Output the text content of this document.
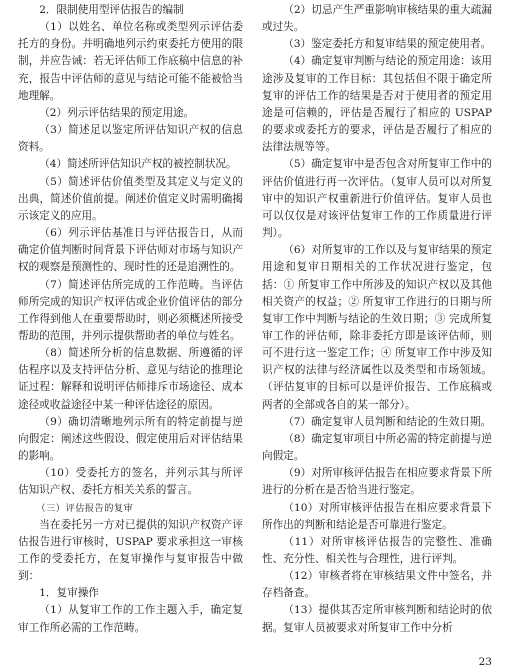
2．限制使用型评估报告的编制

（1）以姓名、单位名称或类型列示评估委托方的身份。并明确地列示约束委托方使用的限制，并应告诫：若无评估师工作底稿中信息的补充，报告中评估师的意见与结论可能不能被恰当地理解。

（2）列示评估结果的预定用途。

（3）简述足以鉴定所评估知识产权的信息资料。

（4）简述所评估知识产权的被控制状况。

（5）简述评估价值类型及其定义与定义的出典，简述价值前提。阐述价值定义时需明确揭示该定义的应用。

（6）列示评估基准日与评估报告日，从而确定价值判断时间背景下评估师对市场与知识产权的观察是预测性的、现时性的还是追溯性的。

（7）简述评估所完成的工作范畴。当评估师所完成的知识产权评估或企业价值评估的部分工作得到他人在重要帮助时，则必须概述所接受帮助的范围，并列示提供帮助者的单位与姓名。

（8）简述所分析的信息数据、所遵循的评估程序以及支持评估分析、意见与结论的推理论证过程：解释和说明评估师排斥市场途径、成本途径或收益途径中某一种评估途径的原因。

（9）确切清晰地列示所有的特定前提与逆向假定：阐述这些假设、假定使用后对评估结果的影响。

（10）受委托方的签名，并列示其与所评估知识产权、委托方相关关系的誓言。

（三）评估报告的复审

当在委托另一方对已提供的知识产权资产评估报告进行审核时，USPAP 要求承担这一审核工作的受委托方，在复审操作与复审报告中做到：

1．复审操作

（1）从复审工作的工作主题入手，确定复审工作所必需的工作范畴。

（2）切忌产生严重影响审核结果的重大疏漏或过失。

（3）鉴定委托方和复审结果的预定使用者。

（4）确定复审判断与结论的预定用途：该用途涉及复审的工作目标：其包括但不限于确定所复审的评估工作的结果是否对于使用者的预定用途是可信赖的，评估是否履行了相应的 USPAP 的要求或委托方的要求，评估是否履行了相应的法律法规等等。

（5）确定复审中是否包含对所复审工作中的评估价值进行再一次评估。（复审人员可以对所复审中的知识产权重新进行价值评估。复审人员也可以仅仅是对该评估复审工作的工作质量进行评判）。

（6）对所复审的工作以及与复审结果的预定用途和复审日期相关的工作状况进行鉴定，包括：① 所复审工作中所涉及的知识产权以及其他相关资产的权益；② 所复审工作进行的日期与所复审工作中判断与结论的生效日期；③ 完成所复审工作的评估师，除非委托方即是该评估师，则可不进行这一鉴定工作；④ 所复审工作中涉及知识产权的法律与经济属性以及类型和市场领域。（评估复审的目标可以是评价报告、工作底稿或两者的全部或各自的某一部分）。

（7）确定复审人员判断和结论的生效日期。

（8）确定复审项目中所必需的特定前提与逆向假定。

（9）对所审核评估报告在相应要求背景下所进行的分析在是否恰当进行鉴定。

（10）对所审核评估报告在相应要求背景下所作出的判断和结论是否可靠进行鉴定。

（11）对所审核评估报告的完整性、准确性、充分性、相关性与合理性，进行评判。

（12）审核者将在审核结果文件中签名，并存档备查。

（13）提供其否定所审核判断和结论时的依据。复审人员被要求对所复审工作中分析

23
